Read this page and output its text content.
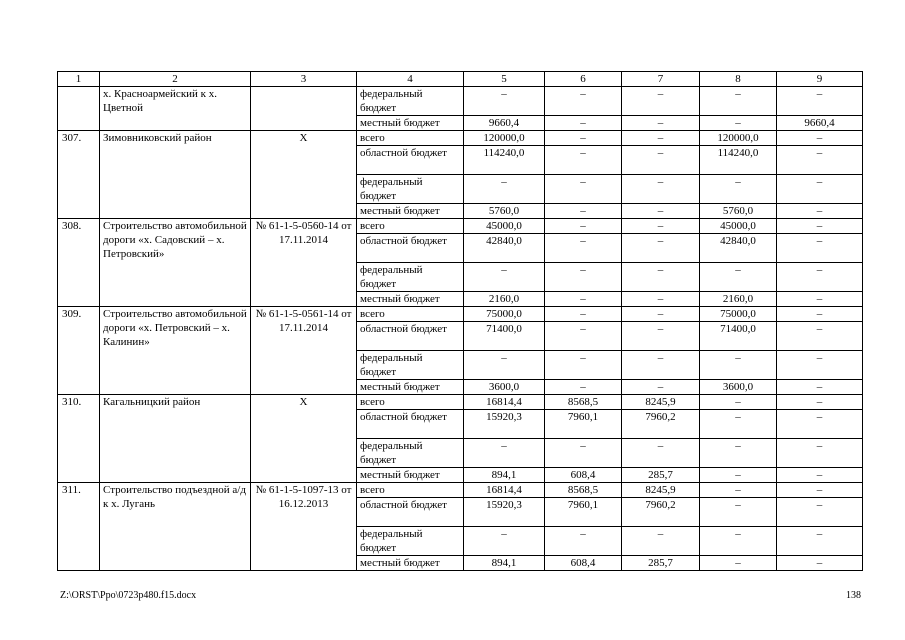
1	2	3	4	5	6	7	8	9
	х. Красноармейский к х. Цветной		федеральный бюджет	–	–	–	–	–
			местный бюджет	9660,4	–	–	–	9660,4
307.	Зимовниковский район	Х	всего	120000,0	–	–	120000,0	–
			областной бюджет	114240,0	–	–	114240,0	–
			федеральный бюджет	–	–	–	–	–
			местный бюджет	5760,0	–	–	5760,0	–
308.	Строительство автомобильной дороги «х. Садовский – х. Петровский»	№ 61-1-5-0560-14 от 17.11.2014	всего	45000,0	–	–	45000,0	–
			областной бюджет	42840,0	–	–	42840,0	–
			федеральный бюджет	–	–	–	–	–
			местный бюджет	2160,0	–	–	2160,0	–
309.	Строительство автомобильной дороги «х. Петровский – х. Калинин»	№ 61-1-5-0561-14 от 17.11.2014	всего	75000,0	–	–	75000,0	–
			областной бюджет	71400,0	–	–	71400,0	–
			федеральный бюджет	–	–	–	–	–
			местный бюджет	3600,0	–	–	3600,0	–
310.	Кагальницкий район	Х	всего	16814,4	8568,5	8245,9	–	–
			областной бюджет	15920,3	7960,1	7960,2	–	–
			федеральный бюджет	–	–	–	–	–
			местный бюджет	894,1	608,4	285,7	–	–
311.	Строительство подъездной а/д к х. Лугань	№ 61-1-5-1097-13 от 16.12.2013	всего	16814,4	8568,5	8245,9	–	–
			областной бюджет	15920,3	7960,1	7960,2	–	–
			федеральный бюджет	–	–	–	–	–
			местный бюджет	894,1	608,4	285,7	–	–
Z:\ORST\Ppo\0723p480.f15.docx	138
